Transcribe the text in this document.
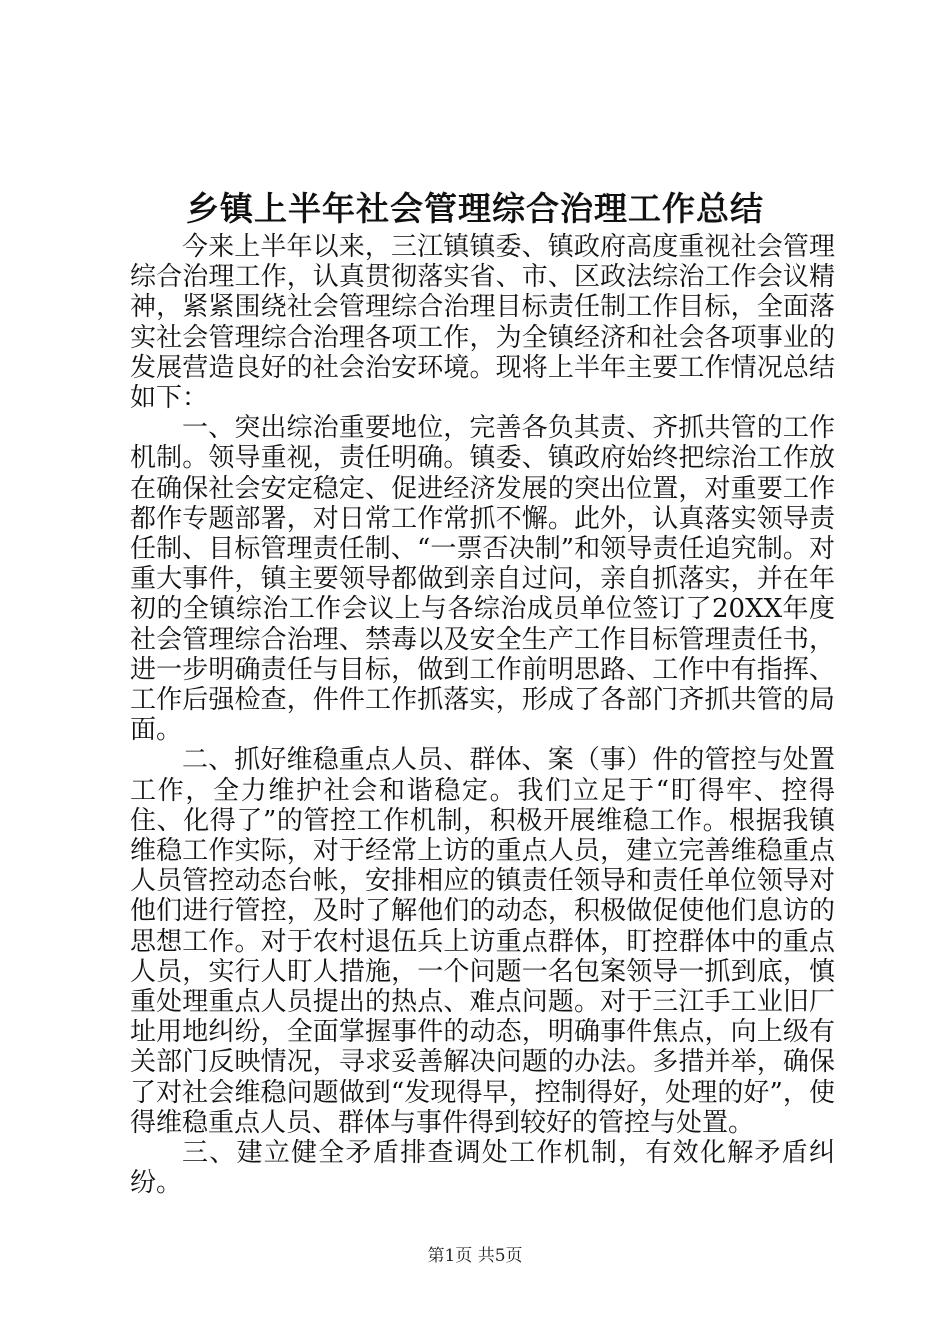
乡镇上半年社会管理综合治理工作总结

今来上半年以来，三江镇镇委、镇政府高度重视社会管理综合治理工作，认真贯彻落实省、市、区政法综治工作会议精神，紧紧围绕社会管理综合治理目标责任制工作目标，全面落实社会管理综合治理各项工作，为全镇经济和社会各项事业的发展营造良好的社会治安环境。现将上半年主要工作情况总结如下：

一、突出综治重要地位，完善各负其责、齐抓共管的工作机制。领导重视，责任明确。镇委、镇政府始终把综治工作放在确保社会安定稳定、促进经济发展的突出位置，对重要工作都作专题部署，对日常工作常抓不懈。此外，认真落实领导责任制、目标管理责任制、“一票否决制”和领导责任追究制。对重大事件，镇主要领导都做到亲自过问，亲自抓落实，并在年初的全镇综治工作会议上与各综治成员单位签订了20XX年度社会管理综合治理、禁毒以及安全生产工作目标管理责任书，进一步明确责任与目标，做到工作前明思路、工作中有指挥、工作后强检查，件件工作抓落实，形成了各部门齐抓共管的局面。

二、抓好维稳重点人员、群体、案（事）件的管控与处置工作，全力维护社会和谐稳定。我们立足于“盯得牢、控得住、化得了”的管控工作机制，积极开展维稳工作。根据我镇维稳工作实际，对于经常上访的重点人员，建立完善维稳重点人员管控动态台帐，安排相应的镇责任领导和责任单位领导对他们进行管控，及时了解他们的动态，积极做促使他们息访的思想工作。对于农村退伍兵上访重点群体，盯控群体中的重点人员，实行人盯人措施，一个问题一名包案领导一抓到底，慎重处理重点人员提出的热点、难点问题。对于三江手工业旧厂址用地纠纷，全面掌握事件的动态，明确事件焦点，向上级有关部门反映情况，寻求妥善解决问题的办法。多措并举，确保了对社会维稳问题做到“发现得早，控制得好，处理的好”，使得维稳重点人员、群体与事件得到较好的管控与处置。

三、建立健全矛盾排查调处工作机制，有效化解矛盾纠纷。

第1页 共5页
